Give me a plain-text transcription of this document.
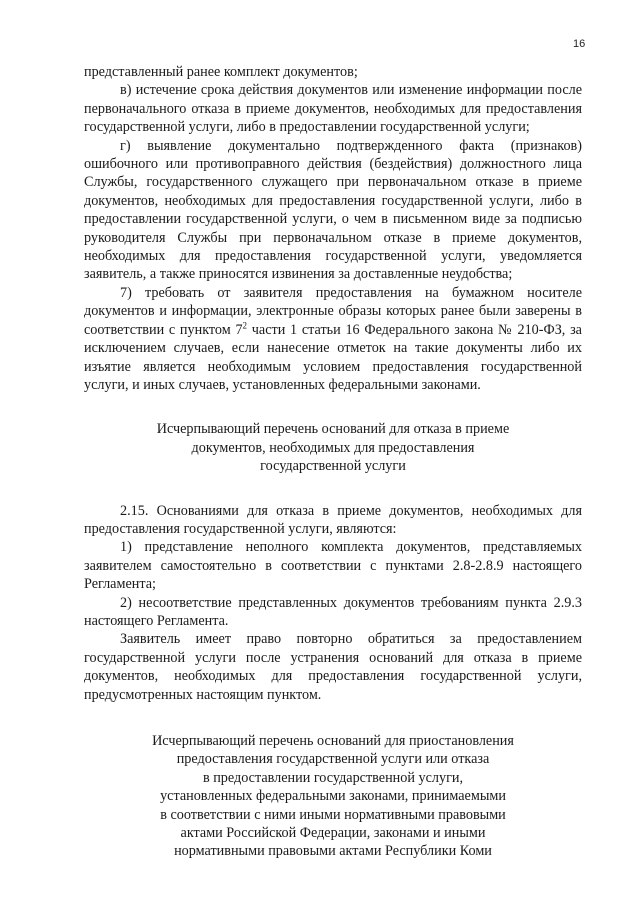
16

представленный ранее комплект документов;

в) истечение срока действия документов или изменение информации после первоначального отказа в приеме документов, необходимых для предоставления государственной услуги, либо в предоставлении государственной услуги;

г) выявление документально подтвержденного факта (признаков) ошибочного или противоправного действия (бездействия) должностного лица Службы, государственного служащего при первоначальном отказе в приеме документов, необходимых для предоставления государственной услуги, либо в предоставлении государственной услуги, о чем в письменном виде за подписью руководителя Службы при первоначальном отказе в приеме документов, необходимых для предоставления государственной услуги, уведомляется заявитель, а также приносятся извинения за доставленные неудобства;

7) требовать от заявителя предоставления на бумажном носителе документов и информации, электронные образы которых ранее были заверены в соответствии с пунктом $7^2$ части 1 статьи 16 Федерального закона № 210-ФЗ, за исключением случаев, если нанесение отметок на такие документы либо их изъятие является необходимым условием предоставления государственной услуги, и иных случаев, установленных федеральными законами.

Исчерпывающий перечень оснований для отказа в приеме
документов, необходимых для предоставления
государственной услуги

2.15. Основаниями для отказа в приеме документов, необходимых для предоставления государственной услуги, являются:

1) представление неполного комплекта документов, представляемых заявителем самостоятельно в соответствии с пунктами 2.8-2.8.9 настоящего Регламента;

2) несоответствие представленных документов требованиям пункта 2.9.3 настоящего Регламента.

Заявитель имеет право повторно обратиться за предоставлением государственной услуги после устранения оснований для отказа в приеме документов, необходимых для предоставления государственной услуги, предусмотренных настоящим пунктом.

Исчерпывающий перечень оснований для приостановления
предоставления государственной услуги или отказа
в предоставлении государственной услуги,
установленных федеральными законами, принимаемыми
в соответствии с ними иными нормативными правовыми
актами Российской Федерации, законами и иными
нормативными правовыми актами Республики Коми
